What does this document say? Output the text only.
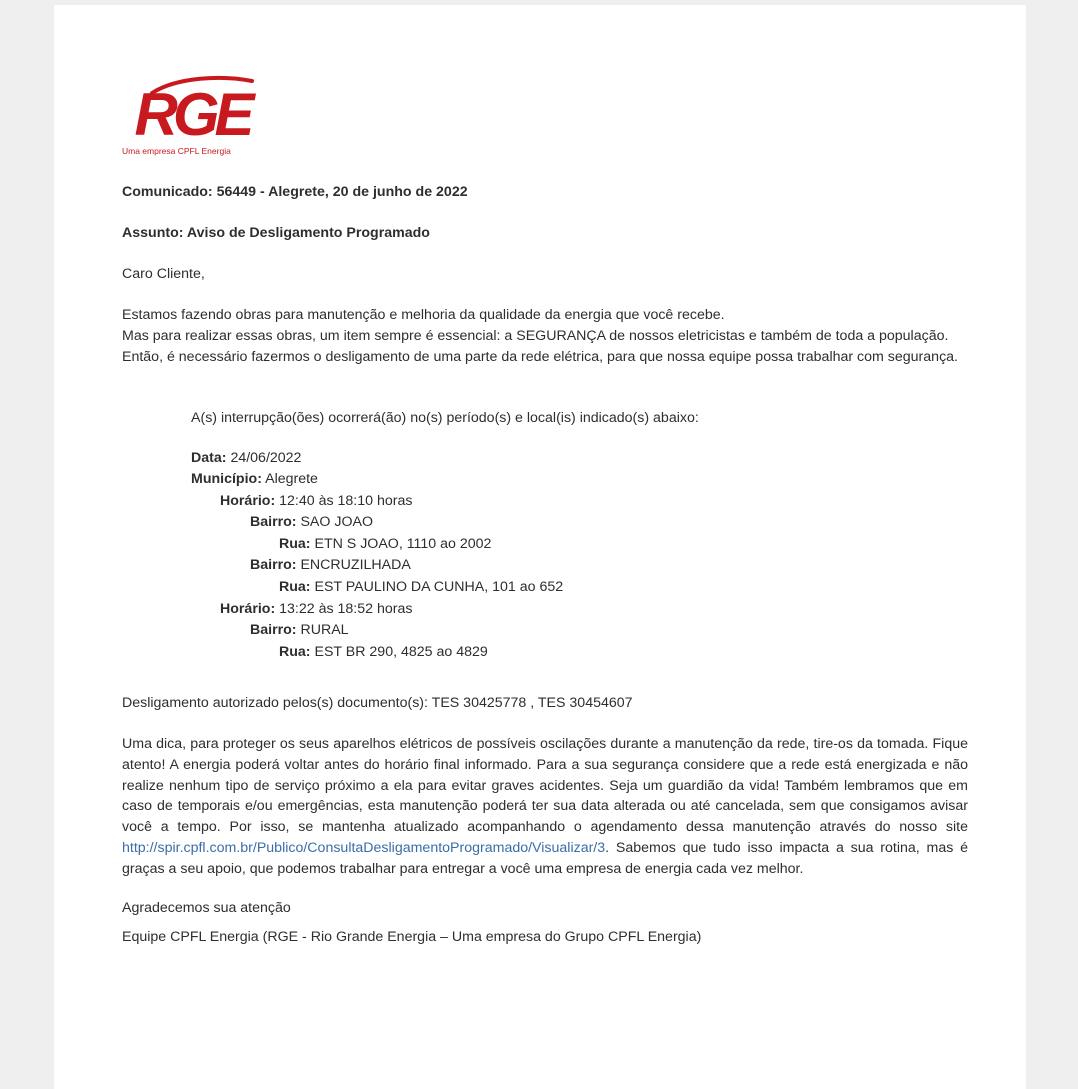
RGE
Uma empresa CPFL Energia
Comunicado: 56449 - Alegrete, 20 de junho de 2022
Assunto: Aviso de Desligamento Programado
Caro Cliente,
Estamos fazendo obras para manutenção e melhoria da qualidade da energia que você recebe.
Mas para realizar essas obras, um item sempre é essencial: a SEGURANÇA de nossos eletricistas e também de toda a população.
Então, é necessário fazermos o desligamento de uma parte da rede elétrica, para que nossa equipe possa trabalhar com segurança.
A(s) interrupção(ões) ocorrerá(ão) no(s) período(s) e local(is) indicado(s) abaixo:
Data: 24/06/2022
Município: Alegrete
Horário: 12:40 às 18:10 horas
Bairro: SAO JOAO
Rua: ETN S JOAO, 1110 ao 2002
Bairro: ENCRUZILHADA
Rua: EST PAULINO DA CUNHA, 101 ao 652
Horário: 13:22 às 18:52 horas
Bairro: RURAL
Rua: EST BR 290, 4825 ao 4829
Desligamento autorizado pelos(s) documento(s): TES 30425778 , TES 30454607
Uma dica, para proteger os seus aparelhos elétricos de possíveis oscilações durante a manutenção da rede, tire-os da tomada. Fique atento! A energia poderá voltar antes do horário final informado. Para a sua segurança considere que a rede está energizada e não realize nenhum tipo de serviço próximo a ela para evitar graves acidentes. Seja um guardião da vida! Também lembramos que em caso de temporais e/ou emergências, esta manutenção poderá ter sua data alterada ou até cancelada, sem que consigamos avisar você a tempo. Por isso, se mantenha atualizado acompanhando o agendamento dessa manutenção através do nosso site http://spir.cpfl.com.br/Publico/ConsultaDesligamentoProgramado/Visualizar/3. Sabemos que tudo isso impacta a sua rotina, mas é graças a seu apoio, que podemos trabalhar para entregar a você uma empresa de energia cada vez melhor.
Agradecemos sua atenção
Equipe CPFL Energia (RGE - Rio Grande Energia – Uma empresa do Grupo CPFL Energia)
